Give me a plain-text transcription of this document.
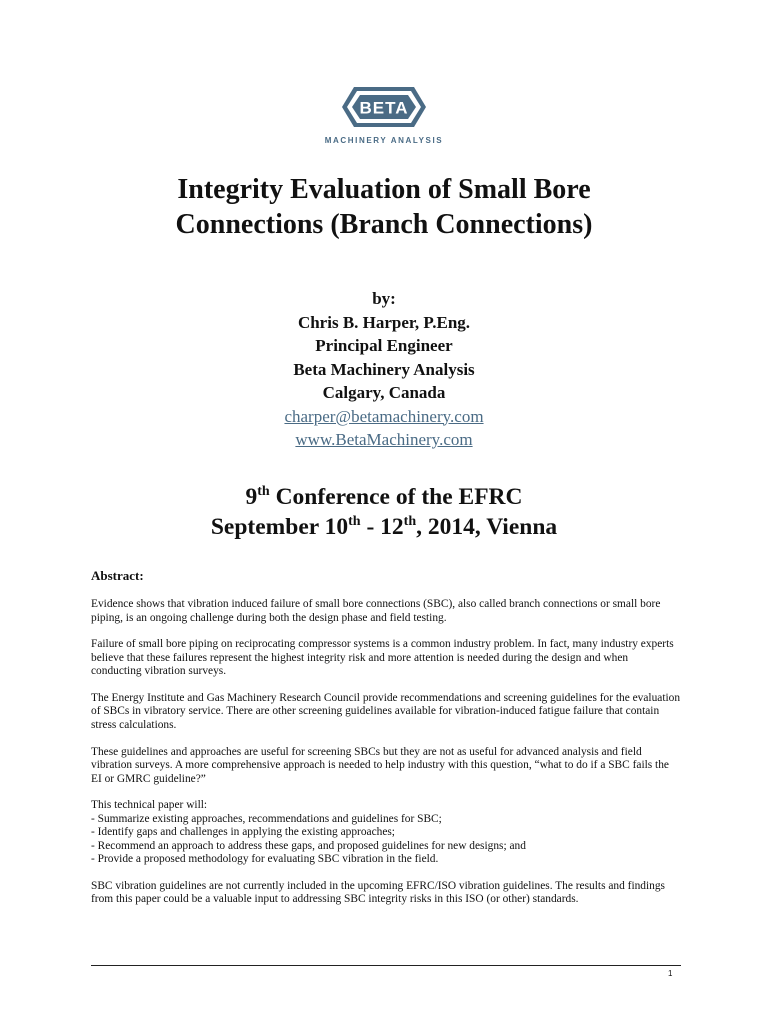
BETA
MACHINERY ANALYSIS
Integrity Evaluation of Small Bore
Connections (Branch Connections)
by:
Chris B. Harper, P.Eng.
Principal Engineer
Beta Machinery Analysis
Calgary, Canada
charper@betamachinery.com
www.BetaMachinery.com
9th Conference of the EFRC
September 10th - 12th, 2014, Vienna
Abstract:

Evidence shows that vibration induced failure of small bore connections (SBC), also called branch connections or small bore piping, is an ongoing challenge during both the design phase and field testing.

Failure of small bore piping on reciprocating compressor systems is a common industry problem. In fact, many industry experts believe that these failures represent the highest integrity risk and more attention is needed during the design and when conducting vibration surveys.

The Energy Institute and Gas Machinery Research Council provide recommendations and screening guidelines for the evaluation of SBCs in vibratory service. There are other screening guidelines available for vibration-induced fatigue failure that contain stress calculations.

These guidelines and approaches are useful for screening SBCs but they are not as useful for advanced analysis and field vibration surveys. A more comprehensive approach is needed to help industry with this question, “what to do if a SBC fails the EI or GMRC guideline?”

This technical paper will:

- Summarize existing approaches, recommendations and guidelines for SBC;
- Identify gaps and challenges in applying the existing approaches;
- Recommend an approach to address these gaps, and proposed guidelines for new designs; and
- Provide a proposed methodology for evaluating SBC vibration in the field.

SBC vibration guidelines are not currently included in the upcoming EFRC/ISO vibration guidelines. The results and findings from this paper could be a valuable input to addressing SBC integrity risks in this ISO (or other) standards.

1
